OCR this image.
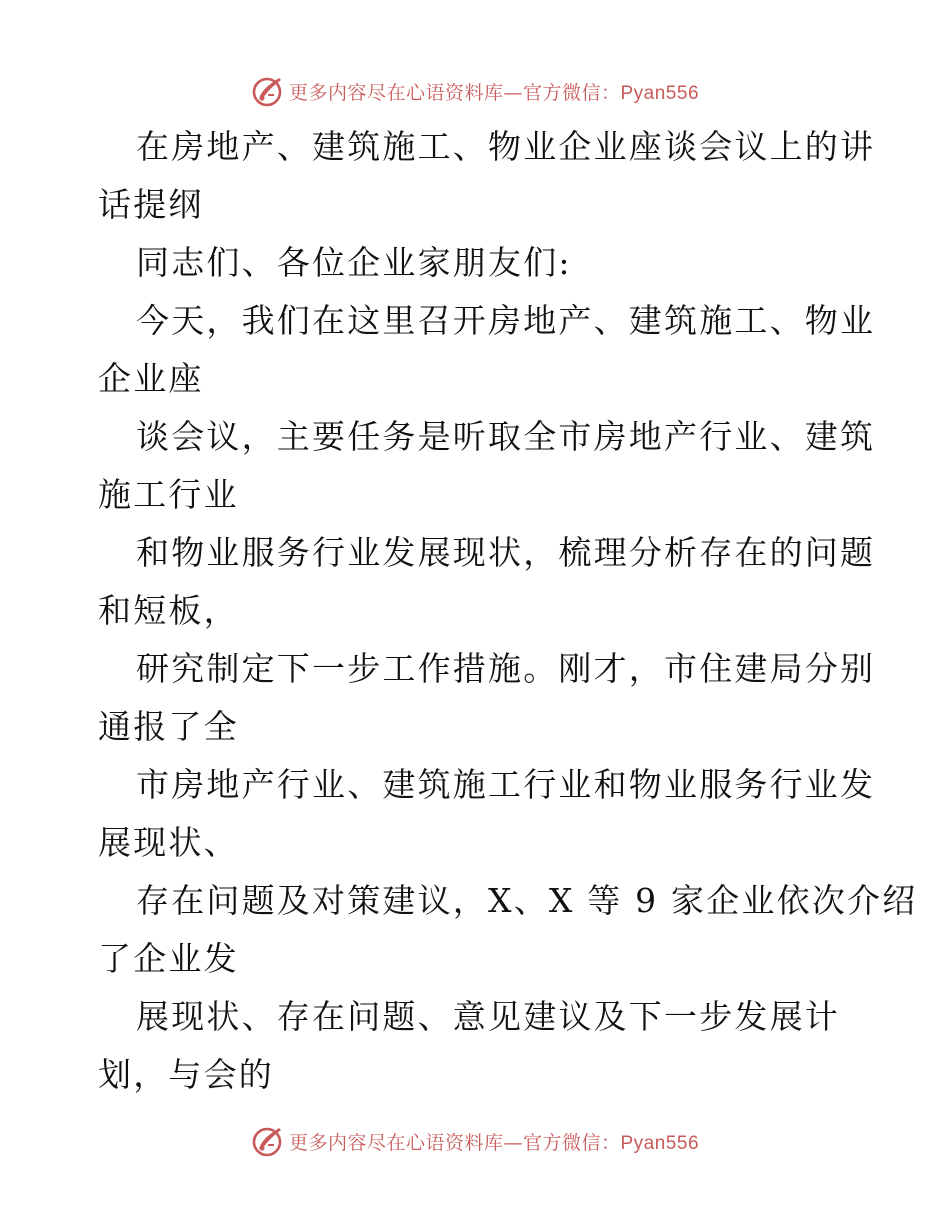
更多内容尽在心语资料库—官方微信：Pyan556
在房地产、建筑施工、物业企业座谈会议上的讲
话提纲
同志们、各位企业家朋友们:
今天，我们在这里召开房地产、建筑施工、物业
企业座
谈会议，主要任务是听取全市房地产行业、建筑
施工行业
和物业服务行业发展现状，梳理分析存在的问题
和短板，
研究制定下一步工作措施。刚才，市住建局分别
通报了全
市房地产行业、建筑施工行业和物业服务行业发
展现状、
存在问题及对策建议，X、X 等 9 家企业依次介绍
了企业发
展现状、存在问题、意见建议及下一步发展计
划，与会的
更多内容尽在心语资料库—官方微信：Pyan556
